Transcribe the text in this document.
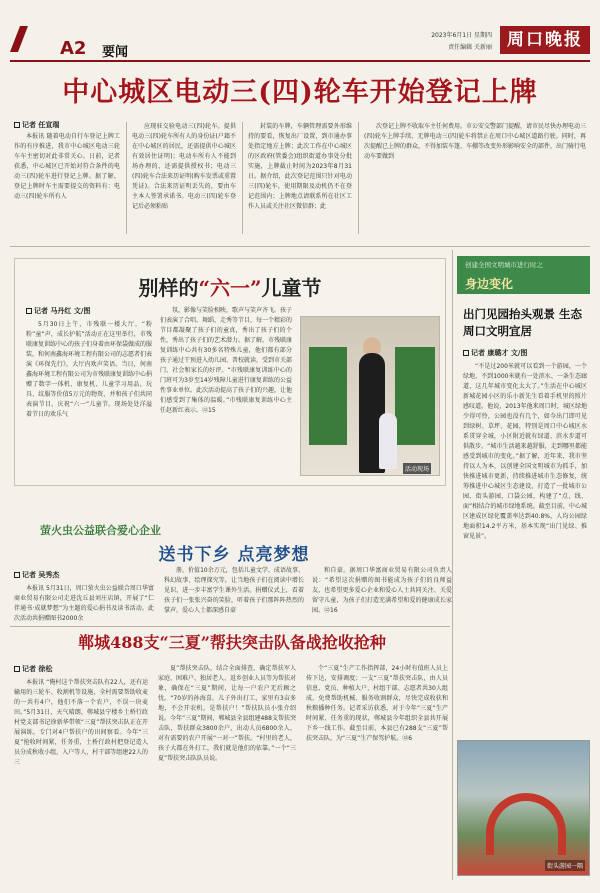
A2 要闻
2023年6月1日 星期四
责任编辑 关新丽 周口晚报
中心城区电动三(四)轮车开始登记上牌
记者 任宣瑞

本报讯 随着电动自行车登记上牌工作的有序推进，我市中心城区电动三轮车车主密切对此非常关心。日前，记者获悉，中心城区已开始对符合条件的电动三(四)轮车进行登记上牌。据了解，登记上牌时车主需要提交的资料有：电动三(四)轮车所有人

应现驻交验电动三(四)轮车。提供电动三(四)轮车所有人的身份证(户籍不在中心城区的居民，还需提供中心城区有效居住证明)；电动车所有人不能到场办理的，还需提供授权书；电动三(四)轮车合法来历证明(购车发票或重置凭证)。合法来历证明丢失的，要由车主本人签署承诺书。电动三(四)轮车登记后必须粘贴

封装的车牌，车辆管理需要外形维持的要看，恢复出厂设置，到市通办事处指定地方上牌；此次工作在中心城区的区政府(管委会)组织街道办事处分批实施，上牌截止时间为2023年8月31日。据介绍，此次登记范围只针对电动三(四)轮车，使用期限及动机仍不在登记范围内；上牌地点请联系所在社区工作人员或关注社区微信群；此

次登记上牌不收取车主任何费用。市公安交警部门提醒，请市民尽快办理电动三(四)轮车上牌手续，无牌电动三(四)轮车将禁止在周口中心城区道路行驶。同时，再次提醒已上牌的群众，不得加装车篷、车棚等改变外形影响安全的部件，出门骑行电动车要做到

别样的“六一”儿童节
记者 马丹红 文/图

5月30日上午，市残联一楼大厅，“粉粉”童“声，成长护航”活动正在这里举行，市残联康复训练中心的孩子们身着由环保袋做成的服装，和何南鑫海环境工程有限公司的志愿者们表演《环保先行》，大厅内欢声笑语。当日，何南鑫海环境工程有限公司为市残联康复训练中心捐赠了数字一体机、康复机、儿童学习用品、玩具、纹服等价值5万元的物资，并和孩子们共同表演节目，庆祝“六一”儿童节。现场处处洋溢着节日的欢乐气

氛，影像与笑脸相映，歌声与笑声齐飞。孩子们表演了合唱、舞蹈、走秀等节目，每一个精彩的节目都凝聚了孩子们的童真，秀出了孩子们的个性，秀出了孩子们的艺术潜力。据了解，市残联康复训练中心共有30多名特殊儿童，他们都有部分孩子通过干预进入幼儿园、普校就读，受到市关部门、社会和家长的好评。“市残联康复训练中心的门班可为3岁至14岁残障儿童进行康复训练的公益性事业单位。此次活动提高了孩子们的兴趣，让他们感受到了集体的温暖。”市残联康复训练中心主任赵新红表示。⑫15

活动现场
萤火虫公益联合爱心企业
送书下乡 点亮梦想
记者 吴秀杰

本报讯 5月31日，周口萤火虫公益联合周口华富商业贸易有限公司走进沈丘县刘庄店镇，开展了“仁伴通书·成就梦想”为主题的爱心捐书及读书活动。此次活动共捐赠图书2000余

册，价值10余万元，包括儿童文学、成语故事、科幻故事、绘理探究等，让当地孩子们在阅读中增长见识，进一步丰富学生课外生活。捐赠仪式上，看着孩子们一张张兴奋的笑脸，听着孩子们那阵阵热烈的掌声，爱心人士都深感自豪

和自豪。据周口华富商业贸易有限公司负责人说：“希望这次捐赠的图书能成为孩子们的良师益友，也希望更多爱心企业和爱心人士共同关注、关爱留守儿童，为孩子们打造充满希望和爱的健康成长家园。⑫16

郸城488支“三夏”帮扶突击队备战抢收抢种
记者 徐松

本报讯 “俺村这个帮扶突击队有22人，还有运输用的三轮车、收割机等设施，全村需要帮助收麦的一共有4户，他们不落一个农户，不误一块麦田。”5月31日，天气晴朗，郸城县宁楼乡土桥行政村党支部书记徐新华带领“三夏”帮扶突击队正在开展演练，专门对4户帮扶户的田间察看。今年“三夏”抢收时间紧，任务重，土桥行政村把登记造人员分成秋收小组，入户等人，村干部等组建22人的三

夏”帮扶突击队，结合全面排查，确定帮扶军人家庭、困难户、独居老人、返乡创业人员等为帮扶对象，确保在“三夏”期间，让每一户农户无后顾之忧。“70岁的孙海喜，儿子外出打工，家里有3亩多地，不会开农机，是帮扶户！”帮扶队员小张介绍说。今年“三夏”期间，郸城县全县组建488支帮扶突击队，帮扶群众3800余户，出动人员6800余人，对有需要的农户开展“一对一”帮扶。“村里的老人，孩子大都在外打工，我们就是他们的依靠。”一个“三夏”帮扶突击队队员说。

个“三夏”生产工作指挥部，24小时有值班人员上传下达，安排调度；一支“三夏”帮扶突击队，由人员信息、党员、种植大户、村组干部、志愿者共30人组成，免费帮助机械、服务收割群众，尽快完成收获和秋粮播种任务。记者采访获悉，对于今年“三夏”生产时间紧、任务重的现状，郸城县今年组织全县共开展下乡一线工作。截至目前，本县已有288支“三夏”帮扶突击队，为“三夏”生产保驾护航。⑫6

创建全国文明城市进行时之
身边变化
出门见园抬头观景 生态周口文明宜居
记者 康璐才 文/图

“不是过200米就可以看到一个游园，一个绿地，不到1000米就有一处滨水、一条生态廊道，这几年城市变化太大了。”生活在中心城区新城花园小区的乐小新先生看着手机里的照片感叹道。他说，2013年他来周口时，城区绿地少得可怜，公园也没有几个，如今出门即可见到绿树、草坪、花园，特别是周口中心城区水系贯穿全城，小区附近就有绿道、滨水步道可供散步。“城市生活越来越舒服，走到哪里都能感受到城市的变化。”据了解，近年来，我市坚持以人为本，以创建全国文明城市为抓手，加快推进城市更新，持续推进城市生态修复，统筹推进中心城区生态建设，打造了一批城市公园、街头游园、口袋公园，构建了“点、线、面”相结合的城市绿地系统。截至目前，中心城区建成区绿化覆盖率达到40.8%，人均公园绿地面积14.2平方米，基本实现“出门见绿、推窗见景”。

街头游园一隅
